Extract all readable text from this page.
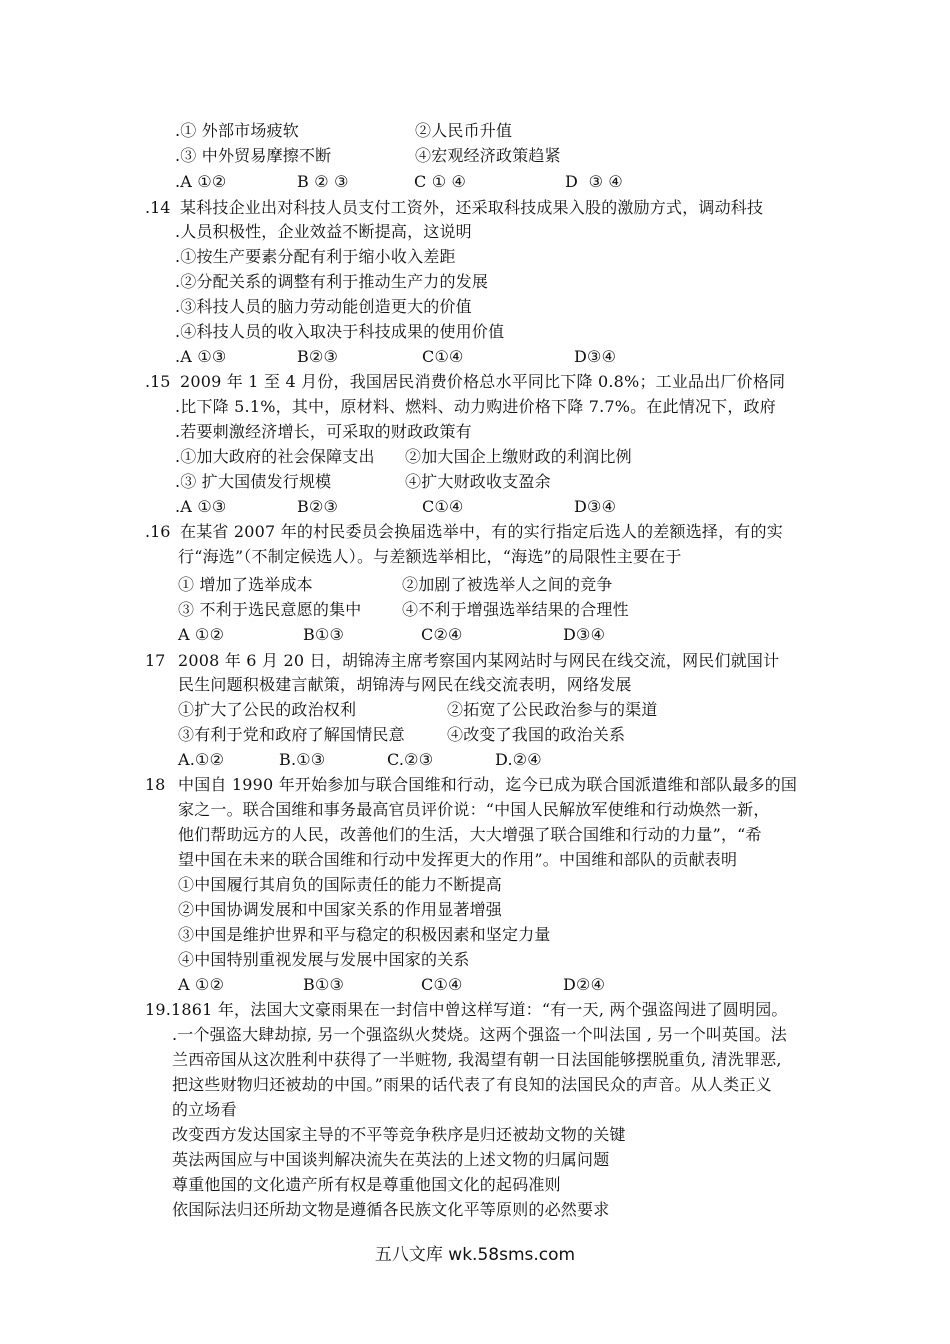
.① 外部市场疲软	②人民币升值
.③ 中外贸易摩擦不断	④宏观经济政策趋紧
.A ①②	B ② ③	C ① ④	D  ③ ④
.14 某科技企业出对科技人员支付工资外，还采取科技成果入股的激励方式，调动科技
.人员积极性，企业效益不断提高，这说明
.①按生产要素分配有利于缩小收入差距
.②分配关系的调整有利于推动生产力的发展
.③科技人员的脑力劳动能创造更大的价值
.④科技人员的收入取决于科技成果的使用价值
.A ①③	B②③	C①④	D③④
.15 2009 年 1 至 4 月份，我国居民消费价格总水平同比下降 0.8%；工业品出厂价格同
.比下降 5.1%，其中，原材料、燃料、动力购进价格下降 7.7%。在此情况下，政府
.若要刺激经济增长，可采取的财政政策有
.①加大政府的社会保障支出 ②加大国企上缴财政的利润比例
.③ 扩大国债发行规模	④扩大财政收支盈余
.A ①③	B②③	C①④	D③④
.16 在某省 2007 年的村民委员会换届选举中，有的实行指定后选人的差额选择，有的实
行“海选”（不制定候选人）。与差额选举相比，“海选”的局限性主要在于
① 增加了选举成本	②加剧了被选举人之间的竞争
③ 不利于选民意愿的集中	④不利于增强选举结果的合理性
A ①②	B①③	C②④	D③④
17 2008 年 6 月 20 日，胡锦涛主席考察国内某网站时与网民在线交流，网民们就国计
民生问题积极建言献策，胡锦涛与网民在线交流表明，网络发展
①扩大了公民的政治权利	②拓宽了公民政治参与的渠道
③有利于党和政府了解国情民意	④改变了我国的政治关系
A.①②	B.①③	C.②③	D.②④
18 中国自 1990 年开始参加与联合国维和行动，迄今已成为联合国派遣维和部队最多的国
家之一。联合国维和事务最高官员评价说：“中国人民解放军使维和行动焕然一新，
他们帮助远方的人民，改善他们的生活，大大增强了联合国维和行动的力量”，“希
望中国在未来的联合国维和行动中发挥更大的作用”。中国维和部队的贡献表明
①中国履行其肩负的国际责任的能力不断提高
②中国协调发展和中国家关系的作用显著增强
③中国是维护世界和平与稳定的积极因素和坚定力量
④中国特别重视发展与发展中国家的关系
A ①②	B①③	C①④	D②④
19.1861 年，法国大文豪雨果在一封信中曾这样写道：“有一天, 两个强盗闯进了圆明园。
.一个强盗大肆劫掠, 另一个强盗纵火焚烧。这两个强盗一个叫法国 , 另一个叫英国。法
兰西帝国从这次胜利中获得了一半赃物, 我渴望有朝一日法国能够摆脱重负, 清洗罪恶,
把这些财物归还被劫的中国。”雨果的话代表了有良知的法国民众的声音。从人类正义
的立场看
改变西方发达国家主导的不平等竞争秩序是归还被劫文物的关键
英法两国应与中国谈判解决流失在英法的上述文物的归属问题
尊重他国的文化遗产所有权是尊重他国文化的起码准则
依国际法归还所劫文物是遵循各民族文化平等原则的必然要求
五八文库 wk.58sms.com
